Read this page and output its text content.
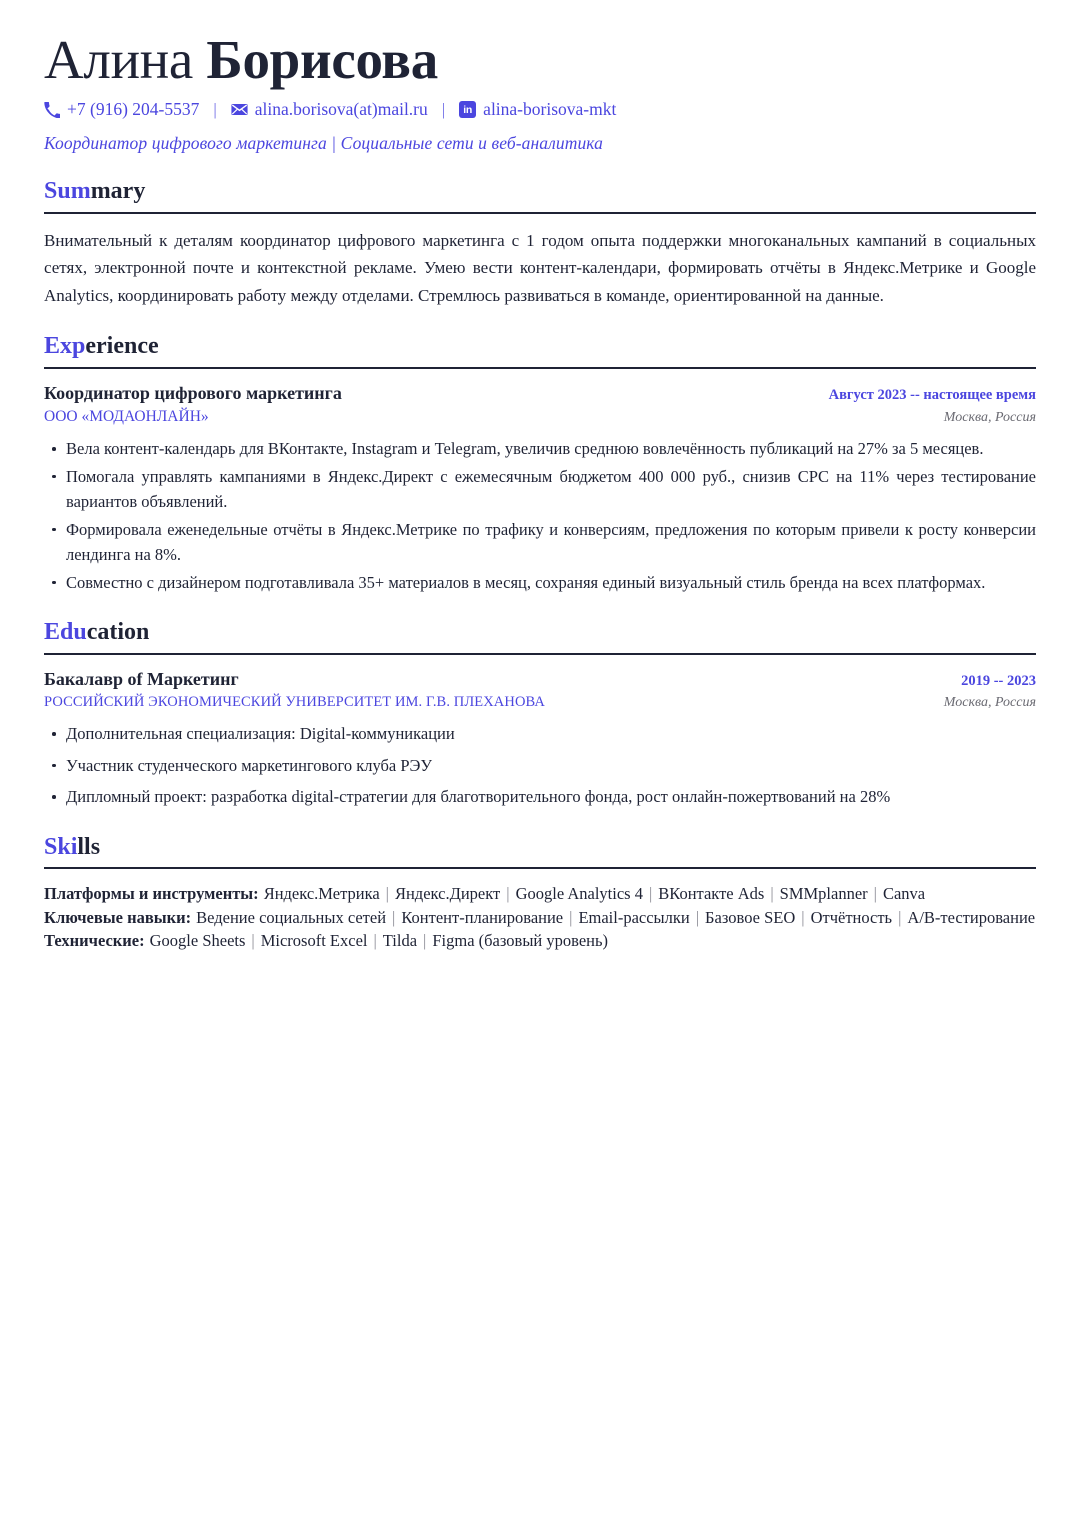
Алина Борисова
+7 (916) 204-5537 |	alina.borisova(at)mail.ru |	in alina-borisova-mkt
Координатор цифрового маркетинга | Социальные сети и веб-аналитика
Summary

Внимательный к деталям координатор цифрового маркетинга с 1 годом опыта поддержки многоканальных кампаний в социальных сетях, электронной почте и контекстной рекламе. Умею вести контент-календари, формировать отчёты в Яндекс.Метрике и Google Analytics, координировать работу между отделами. Стремлюсь развиваться в команде, ориентированной на данные.

Experience
Координатор цифрового маркетинга	Август 2023 -- настоящее время
ООО «МОДАОНЛАЙН»	Москва, Россия
Вела контент-календарь для ВКонтакте, Instagram и Telegram, увеличив среднюю вовлечённость публикаций на 27% за 5 месяцев.
Помогала управлять кампаниями в Яндекс.Директ с ежемесячным бюджетом 400 000 руб., снизив CPC на 11% через тестирование вариантов объявлений.
Формировала еженедельные отчёты в Яндекс.Метрике по трафику и конверсиям, предложения по которым привели к росту конверсии лендинга на 8%.
Совместно с дизайнером подготавливала 35+ материалов в месяц, сохраняя единый визуальный стиль бренда на всех платформах.
Education
Бакалавр of Маркетинг	2019 -- 2023
РОССИЙСКИЙ ЭКОНОМИЧЕСКИЙ УНИВЕРСИТЕТ ИМ. Г.В. ПЛЕХАНОВА	Москва, Россия
Дополнительная специализация: Digital-коммуникации
Участник студенческого маркетингового клуба РЭУ
Дипломный проект: разработка digital-стратегии для благотворительного фонда, рост онлайн-пожертвований на 28%
Skills
Платформы и инструменты: Яндекс.Метрика | Яндекс.Директ | Google Analytics 4 | ВКонтакте Ads | SMMplanner | Canva
Ключевые навыки: Ведение социальных сетей | Контент-планирование | Email-рассылки | Базовое SEO | Отчётность | A/B-тестирование
Технические: Google Sheets | Microsoft Excel | Tilda | Figma (базовый уровень)
